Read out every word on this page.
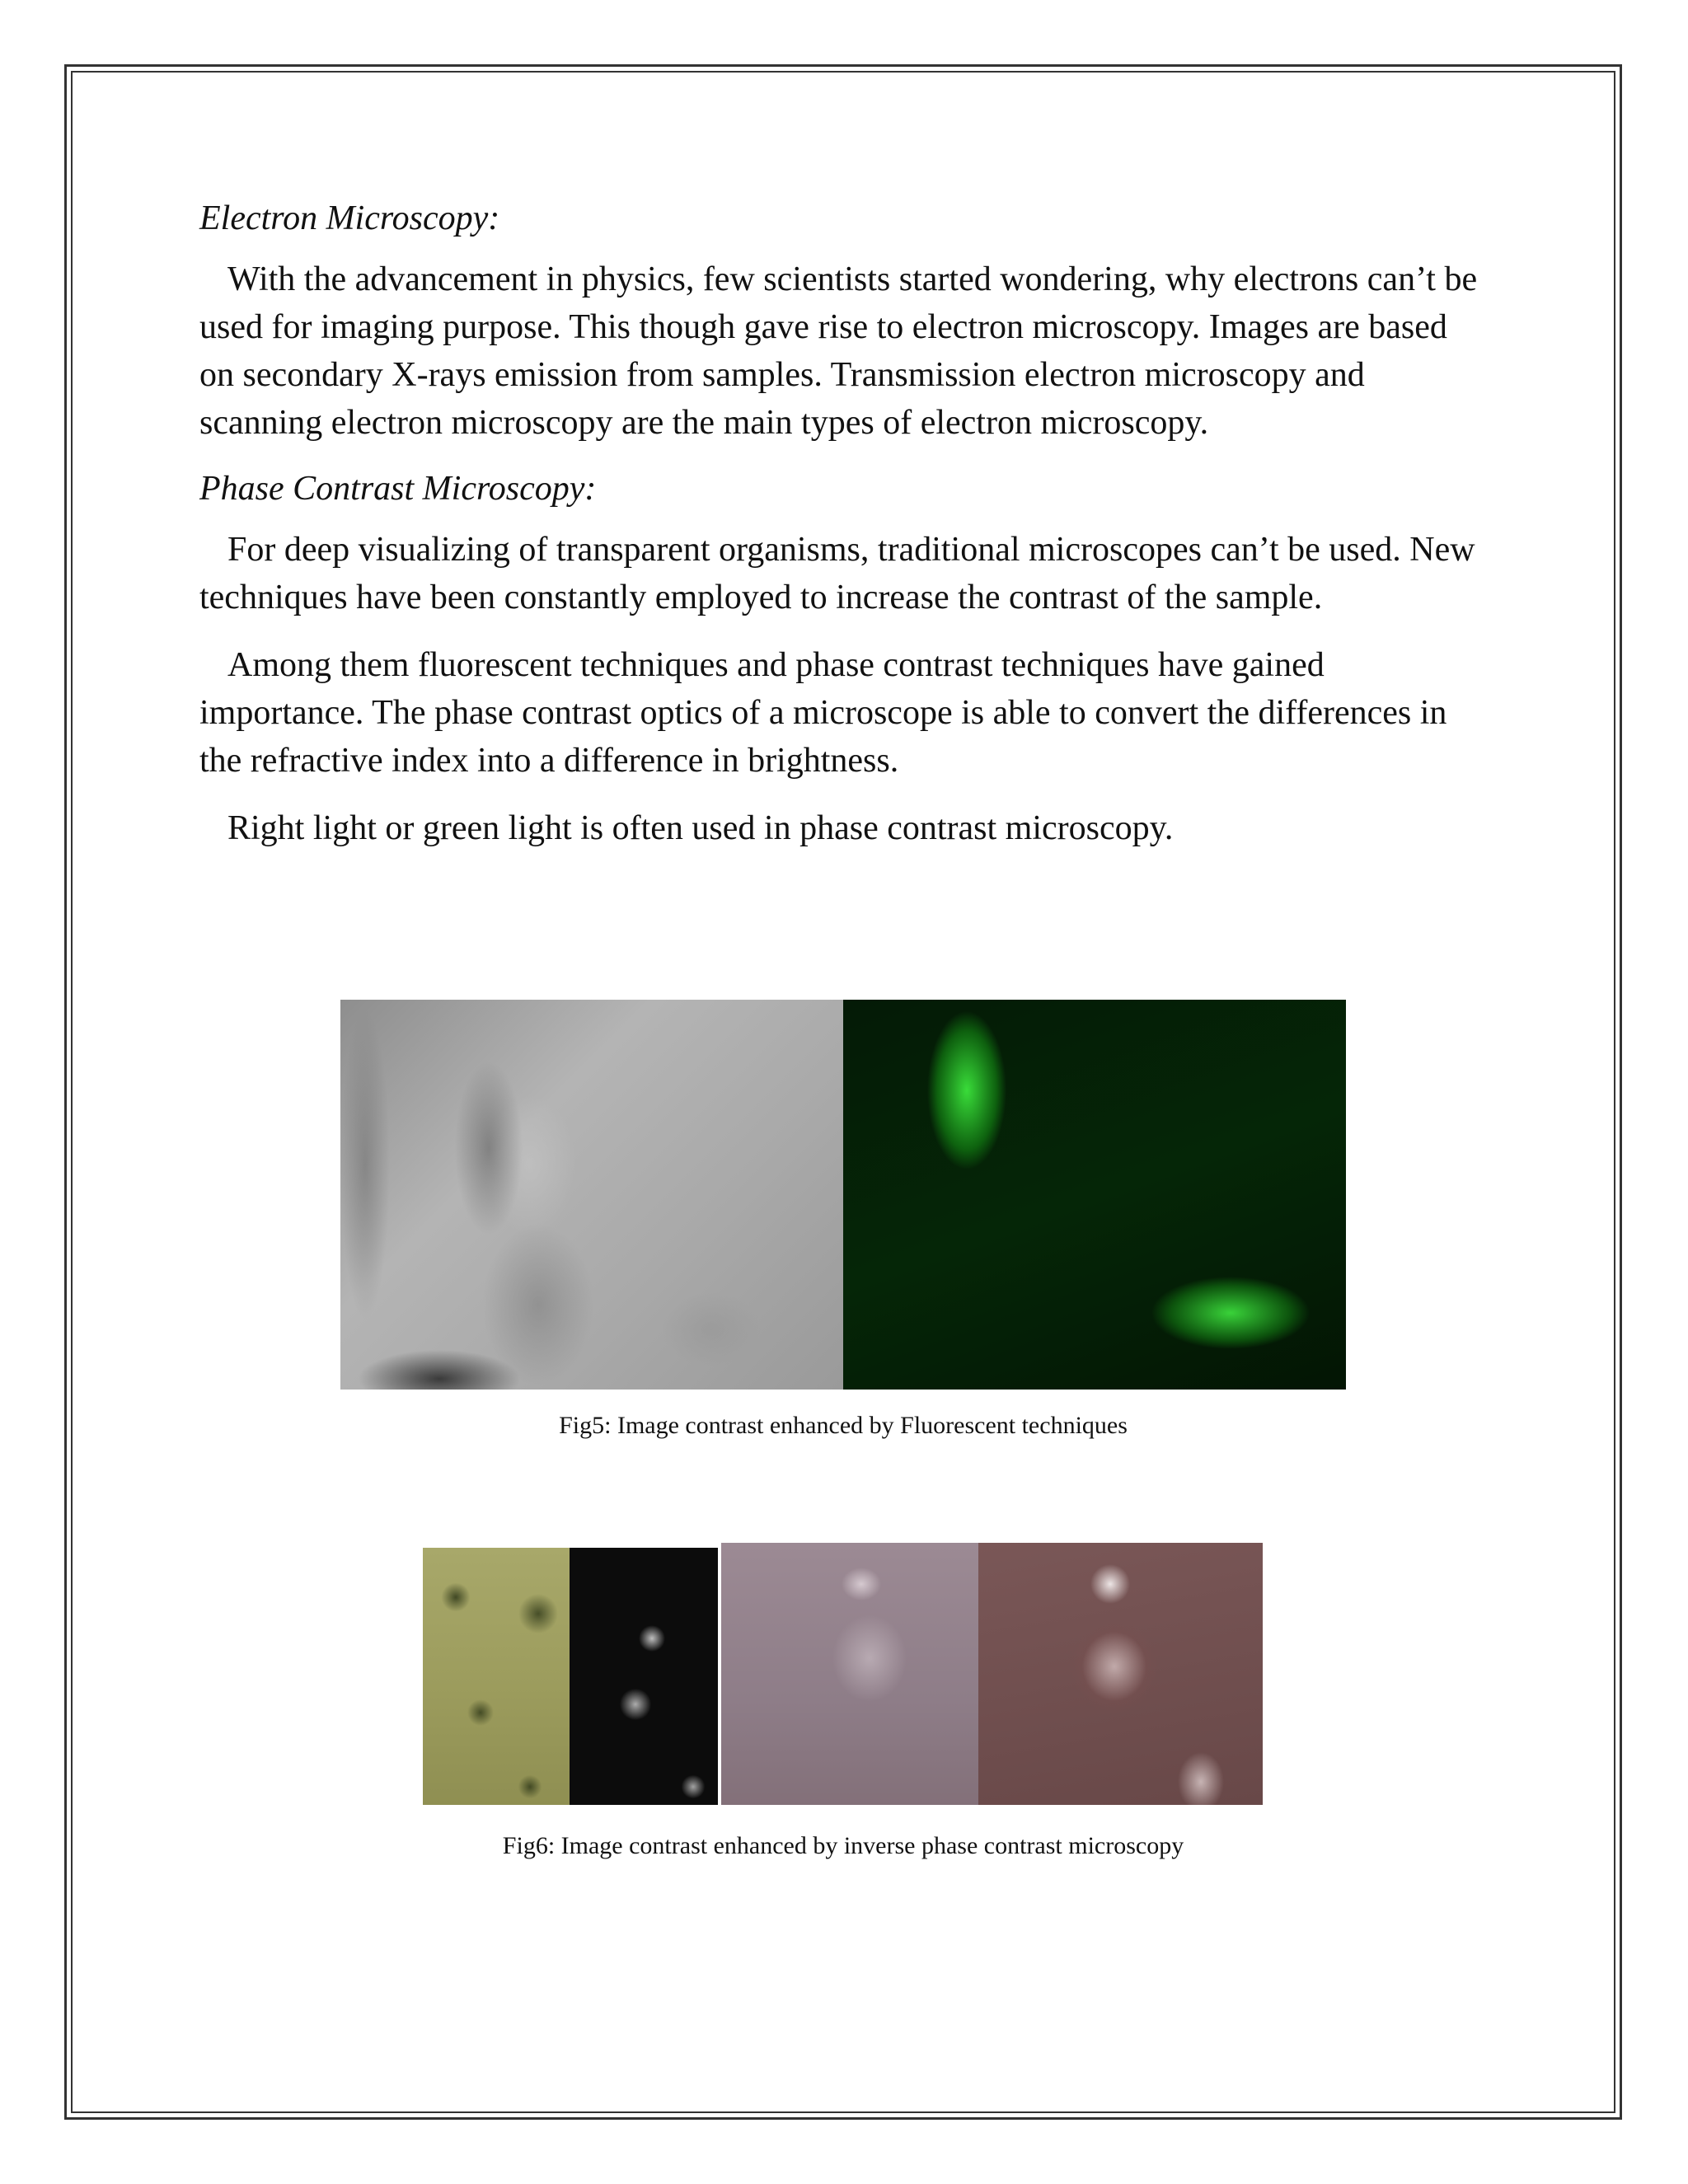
Electron Microscopy:

With the advancement in physics, few scientists started wondering, why electrons can’t be used for imaging purpose. This though gave rise to electron microscopy. Images are based on secondary X-rays emission from samples. Transmission electron microscopy and scanning electron microscopy are the main types of electron microscopy.

Phase Contrast Microscopy:

For deep visualizing of transparent organisms, traditional microscopes can’t be used. New techniques have been constantly employed to increase the contrast of the sample.

Among them fluorescent techniques and phase contrast techniques have gained importance. The phase contrast optics of a microscope is able to convert the differences in the refractive index into a difference in brightness.

Right light or green light is often used in phase contrast microscopy.

Fig5: Image contrast enhanced by Fluorescent techniques
Fig6: Image contrast enhanced by inverse phase contrast microscopy
